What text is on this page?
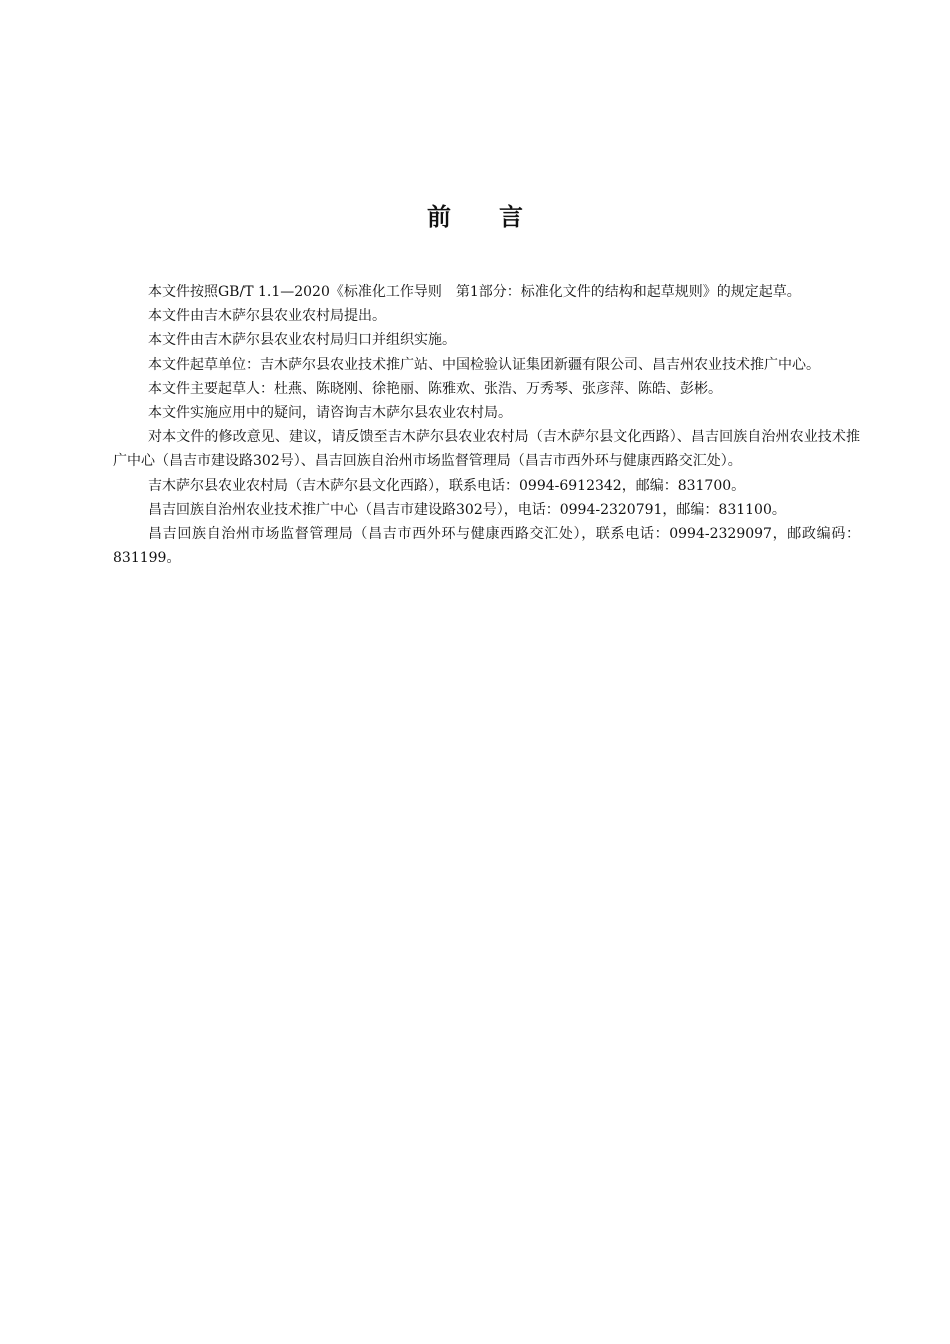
前　　言

本文件按照GB/T 1.1—2020《标准化工作导则　第1部分：标准化文件的结构和起草规则》的规定起草。

本文件由吉木萨尔县农业农村局提出。

本文件由吉木萨尔县农业农村局归口并组织实施。

本文件起草单位：吉木萨尔县农业技术推广站、中国检验认证集团新疆有限公司、昌吉州农业技术推广中心。

本文件主要起草人：杜燕、陈晓刚、徐艳丽、陈雅欢、张浩、万秀琴、张彦萍、陈皓、彭彬。

本文件实施应用中的疑问，请咨询吉木萨尔县农业农村局。

对本文件的修改意见、建议，请反馈至吉木萨尔县农业农村局（吉木萨尔县文化西路）、昌吉回族自治州农业技术推广中心（昌吉市建设路302号）、昌吉回族自治州市场监督管理局（昌吉市西外环与健康西路交汇处）。

吉木萨尔县农业农村局（吉木萨尔县文化西路），联系电话：0994-6912342，邮编：831700。

昌吉回族自治州农业技术推广中心（昌吉市建设路302号），电话：0994-2320791，邮编：831100。

昌吉回族自治州市场监督管理局（昌吉市西外环与健康西路交汇处），联系电话：0994-2329097，邮政编码：831199。
